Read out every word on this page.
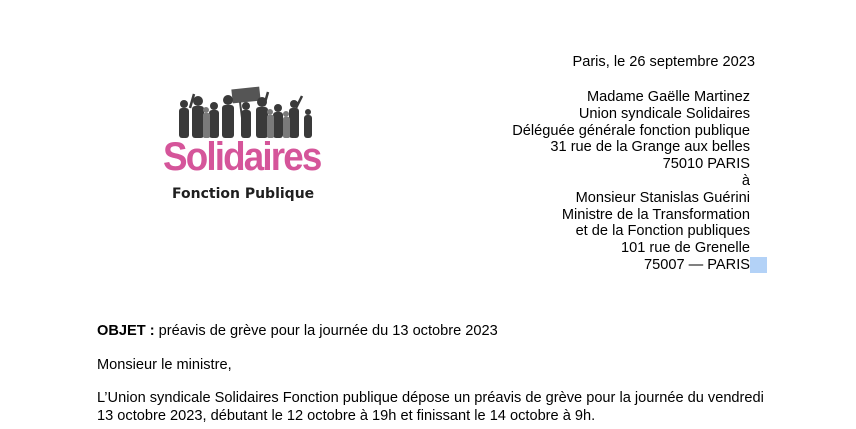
Solidaires
Fonction Publique
Paris, le 26 septembre 2023
Madame Gaëlle Martinez
Union syndicale Solidaires
Déléguée générale fonction publique
31 rue de la Grange aux belles
75010 PARIS
à
Monsieur Stanislas Guérini
Ministre de la Transformation
et de la Fonction publiques
101 rue de Grenelle
75007 — PARIS
OBJET : préavis de grève pour la journée du 13 octobre 2023
Monsieur le ministre,
L’Union syndicale Solidaires Fonction publique dépose un préavis de grève pour la journée du vendredi
13 octobre 2023, débutant le 12 octobre à 19h et finissant le 14 octobre à 9h.
